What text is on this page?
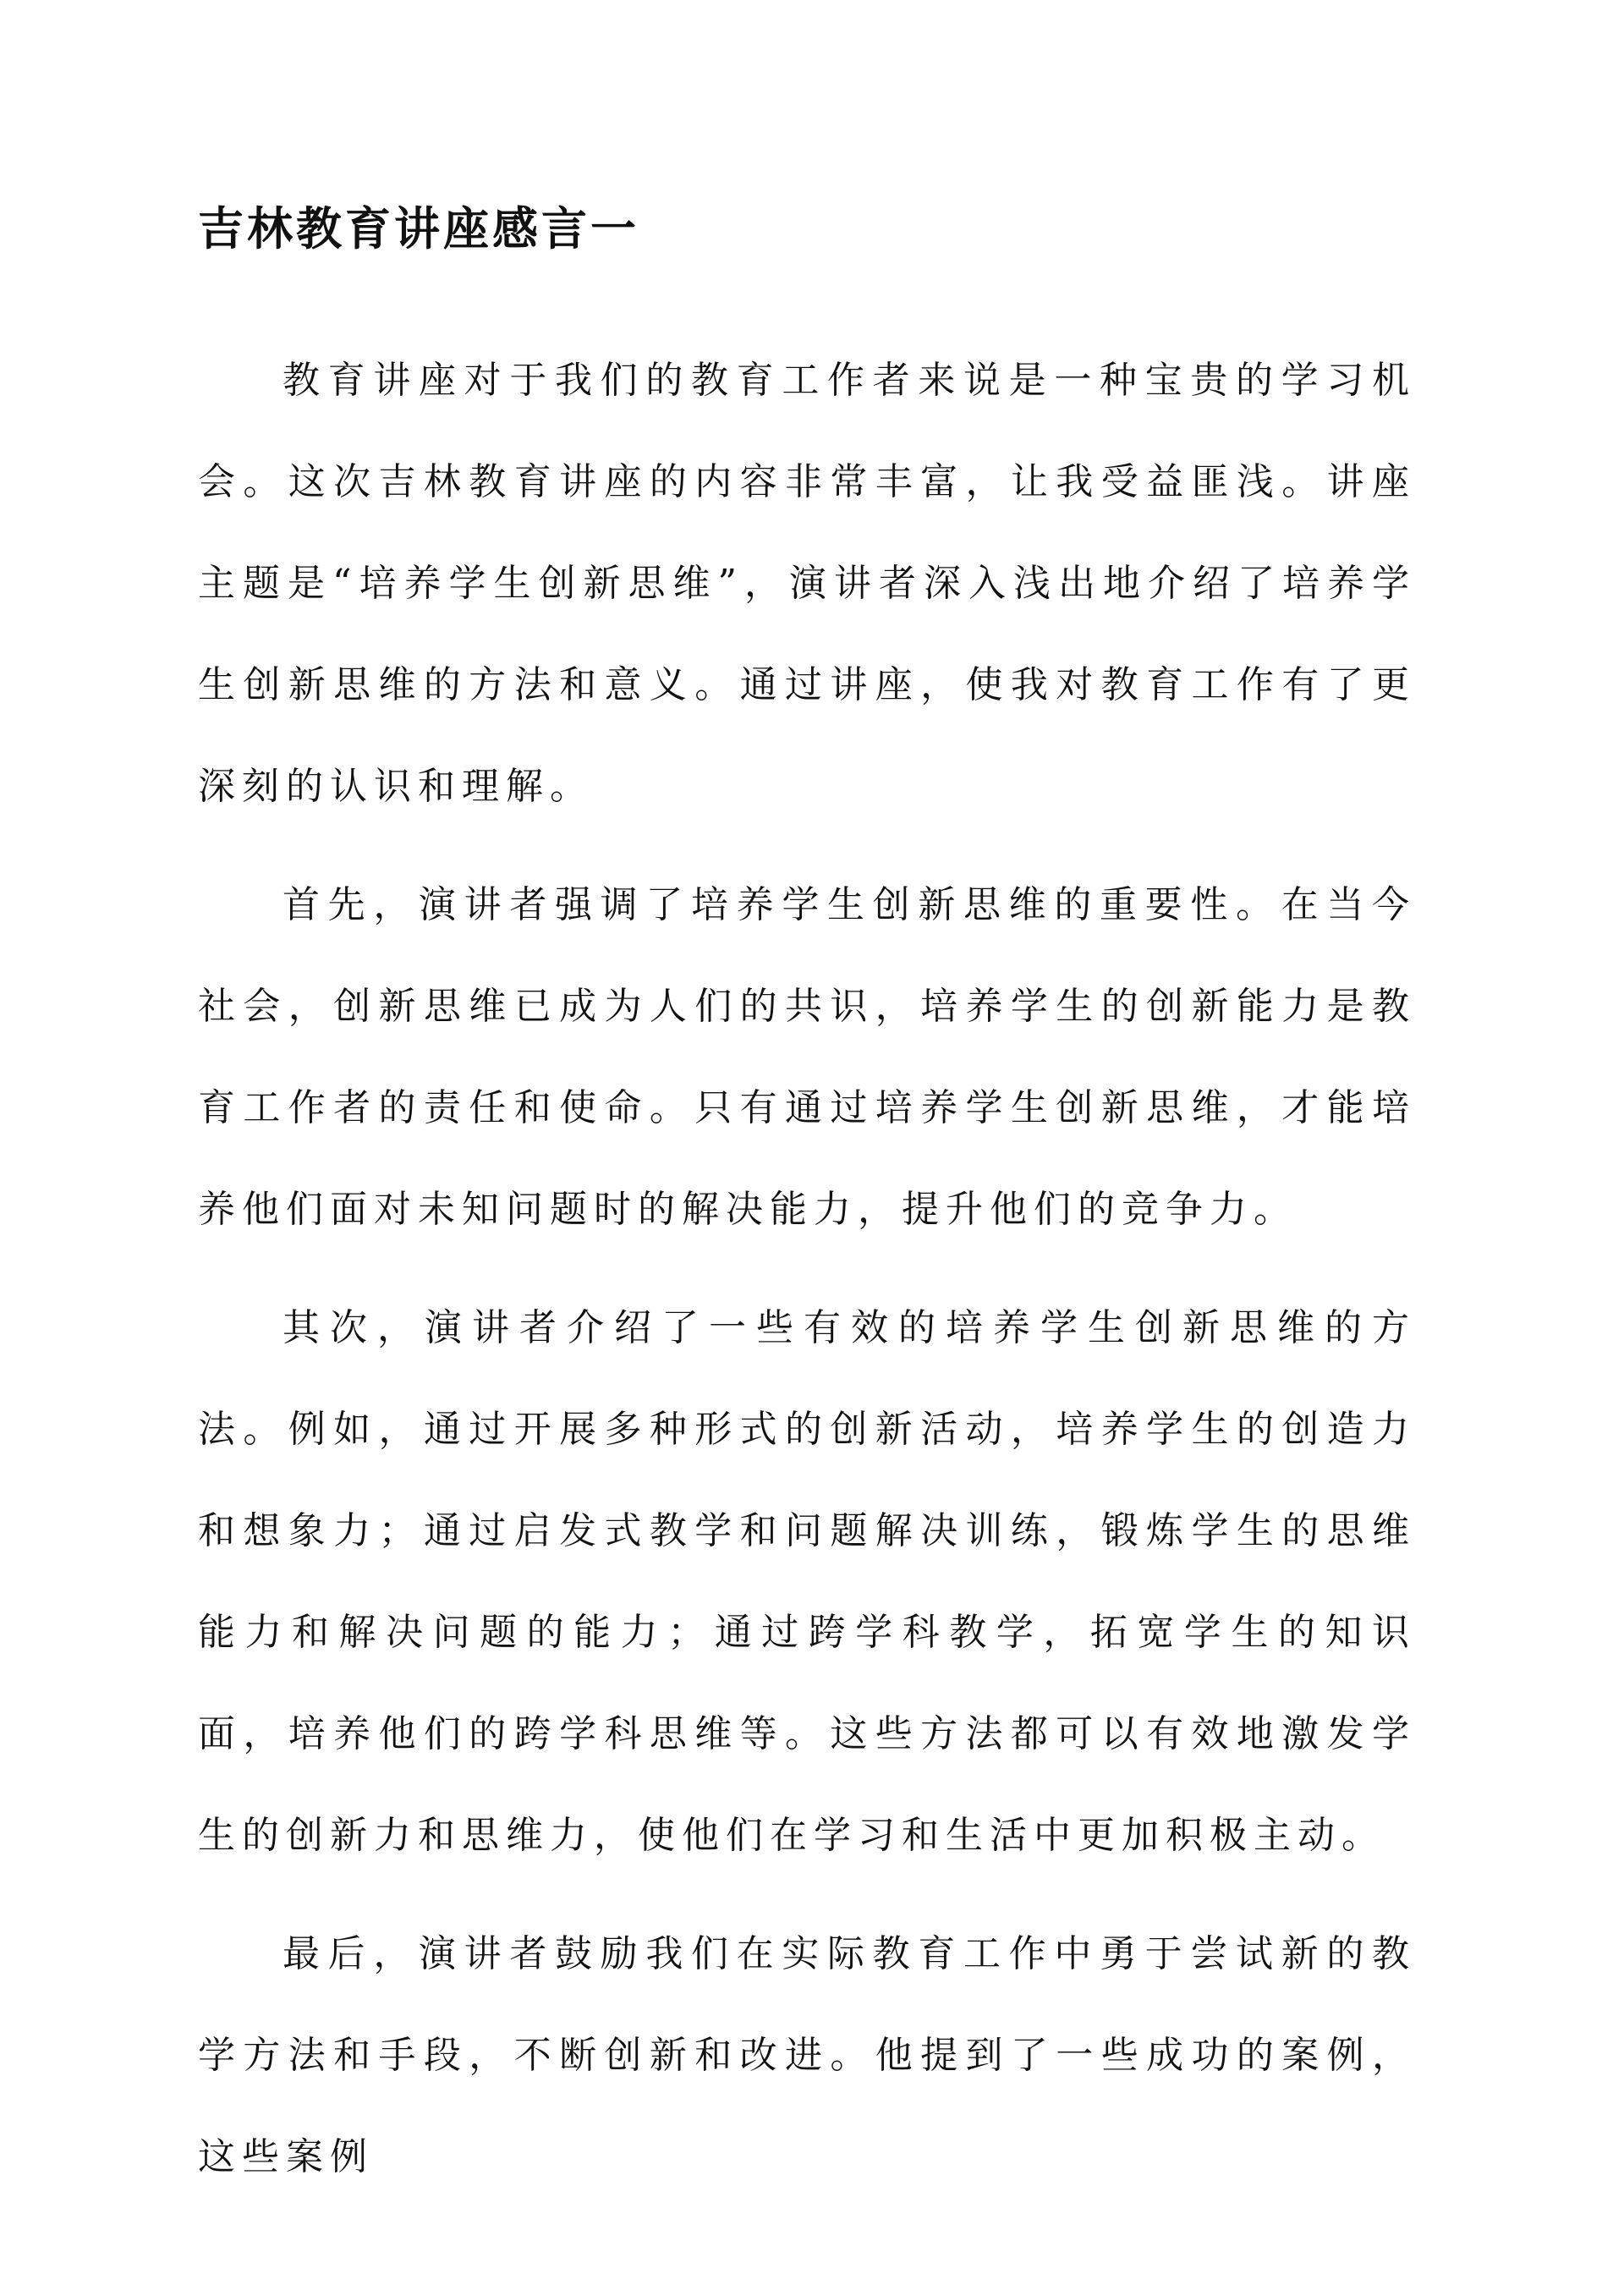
吉林教育讲座感言一

教育讲座对于我们的教育工作者来说是一种宝贵的学习机会。这次吉林教育讲座的内容非常丰富，让我受益匪浅。讲座主题是“培养学生创新思维”，演讲者深入浅出地介绍了培养学生创新思维的方法和意义。通过讲座，使我对教育工作有了更深刻的认识和理解。

首先，演讲者强调了培养学生创新思维的重要性。在当今社会，创新思维已成为人们的共识，培养学生的创新能力是教育工作者的责任和使命。只有通过培养学生创新思维，才能培养他们面对未知问题时的解决能力，提升他们的竞争力。

其次，演讲者介绍了一些有效的培养学生创新思维的方法。例如，通过开展多种形式的创新活动，培养学生的创造力和想象力；通过启发式教学和问题解决训练，锻炼学生的思维能力和解决问题的能力；通过跨学科教学，拓宽学生的知识面，培养他们的跨学科思维等。这些方法都可以有效地激发学生的创新力和思维力，使他们在学习和生活中更加积极主动。

最后，演讲者鼓励我们在实际教育工作中勇于尝试新的教学方法和手段，不断创新和改进。他提到了一些成功的案例，这些案例
